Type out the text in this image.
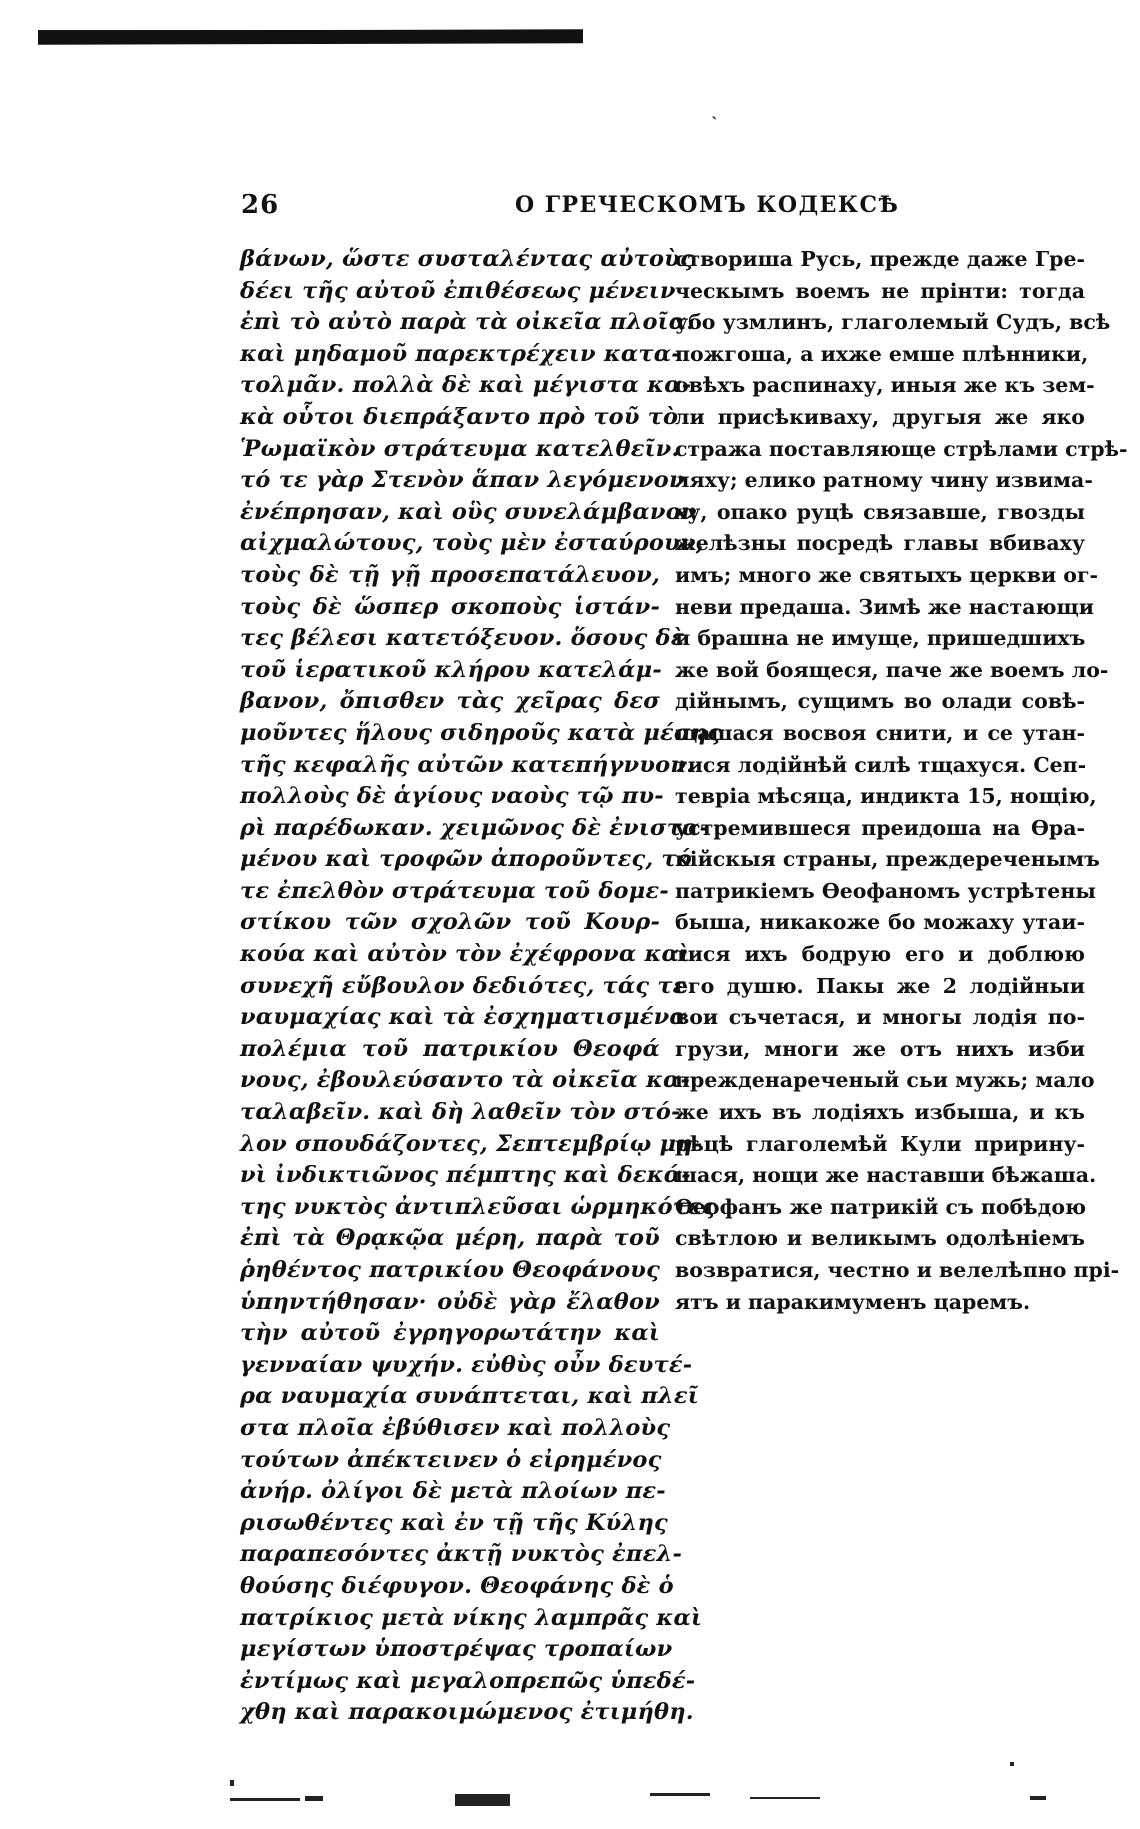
ˎ
26	О ГРЕЧЕСКОМЪ КОДЕКСѢ
βάνων, ὥστε συσταλέντας αὐτοὺς
δέει τῆς αὐτοῦ ἐπιθέσεως μένειν
ἐπὶ τὸ αὐτὸ παρὰ τὰ οἰκεῖα πλοῖα.
καὶ μηδαμοῦ παρεκτρέχειν κατα-
τολμᾶν. πολλὰ δὲ καὶ μέγιστα κα-
κὰ οὗτοι διεπράξαντο πρὸ τοῦ τὸ
Ῥωμαϊκὸν στράτευμα κατελθεῖν.
τό τε γὰρ Στενὸν ἅπαν λεγόμενον
ἐνέπρησαν, καὶ οὓς συνελάμβανον
αἰχμαλώτους, τοὺς μὲν ἐσταύρουν,
τοὺς δὲ τῇ γῇ προσεπατάλευον,
τοὺς δὲ ὥσπερ σκοποὺς ἱστάν-
τες βέλεσι κατετόξευον. ὅσους δὲ
τοῦ ἱερατικοῦ κλήρου κατελάμ-
βανον, ὄπισθεν τὰς χεῖρας δεσ
μοῦντες ἥλους σιδηροῦς κατὰ μέσης
τῆς κεφαλῆς αὐτῶν κατεπήγνυον.
πολλοὺς δὲ ἁγίους ναοὺς τῷ πυ-
ρὶ παρέδωκαν. χειμῶνος δὲ ἐνιστα-
μένου καὶ τροφῶν ἀποροῦντες, τό
τε ἐπελθὸν στράτευμα τοῦ δομε-
στίκου τῶν σχολῶν τοῦ Κουρ-
κούα καὶ αὐτὸν τὸν ἐχέφρονα καὶ
συνεχῆ εὔβουλον δεδιότες, τάς τε
ναυμαχίας καὶ τὰ ἐσχηματισμένα
πολέμια τοῦ πατρικίου Θεοφά
νους, ἐβουλεύσαντο τὰ οἰκεῖα κα-
ταλαβεῖν. καὶ δὴ λαθεῖν τὸν στό-
λον σπουδάζοντες, Σεπτεμβρίῳ μη-
νὶ ἰνδικτιῶνος πέμπτης καὶ δεκά-
της νυκτὸς ἀντιπλεῦσαι ὡρμηκότες
ἐπὶ τὰ Θρᾳκῷα μέρη, παρὰ τοῦ
ῥηθέντος πατρικίου Θεοφάνους
ὑπηντήθησαν· οὐδὲ γὰρ ἔλαθον
τὴν αὐτοῦ ἐγρηγορωτάτην καὶ
γενναίαν ψυχήν. εὐθὺς οὖν δευτέ-
ρα ναυμαχία συνάπτεται, καὶ πλεῖ
στα πλοῖα ἐβύθισεν καὶ πολλοὺς
τούτων ἀπέκτεινεν ὁ εἰρημένος
ἀνήρ. ὀλίγοι δὲ μετὰ πλοίων πε-
ρισωθέντες καὶ ἐν τῇ τῆς Κύλης
παραπεσόντες ἀκτῇ νυκτὸς ἐπελ-
θούσης διέφυγον. Θεοφάνης δὲ ὁ
πατρίκιος μετὰ νίκης λαμπρᾶς καὶ
μεγίστων ὑποστρέψας τροπαίων
ἐντίμως καὶ μεγαλοπρεπῶς ὑπεδέ-
χθη καὶ παρακοιμώμενος ἐτιμήθη.
створиша Русь, прежде даже Гре-
ческымъ воемъ не прінти: тогда
убо узмлинъ, глаголемый Судъ, всѣ
пожгоша, а ихже емше плѣнники,
овѣхъ распинаху, иныя же къ зем-
ли присѣкиваху, другыя же яко
стража поставляюще стрѣлами стрѣ-
ляху; елико ратному чину извима-
ху, опако руцѣ связавше, гвозды
желѣзны посредѣ главы вбиваху
имъ; много же святыхъ церкви ог-
неви предаша. Зимѣ же настающи
и брашна не имуще, пришедшихъ
же вой боящеся, паче же воемъ ло-
дійнымъ, сущимъ во олади совѣ-
щашася восвоя снити, и се утан-
тися лодійнѣй силѣ тщахуся. Сеп-
тевріа мѣсяца, индикта 15, нощію,
устремившеся преидоша на Өра-
кійскыя страны, преждереченымъ
патрикіемъ Өеофаномъ устрѣтены
быша, никакоже бо можаху утаи-
тися ихъ бодрую его и доблюю
его душю. Пакы же 2 лодійныи
вои съчетася, и многы лодія по-
грузи, многи же отъ нихъ изби
прежденареченый сьи мужь; мало
же ихъ въ лодіяхъ избыша, и къ
рѣцѣ глаголемѣй Кули пририну-
шася, нощи же наставши бѣжаша.
Өеофанъ же патрикій съ побѣдою
свѣтлою и великымъ одолѣніемъ
возвратися, честно и велелѣпно прі-
ятъ и паракимуменъ царемъ.
